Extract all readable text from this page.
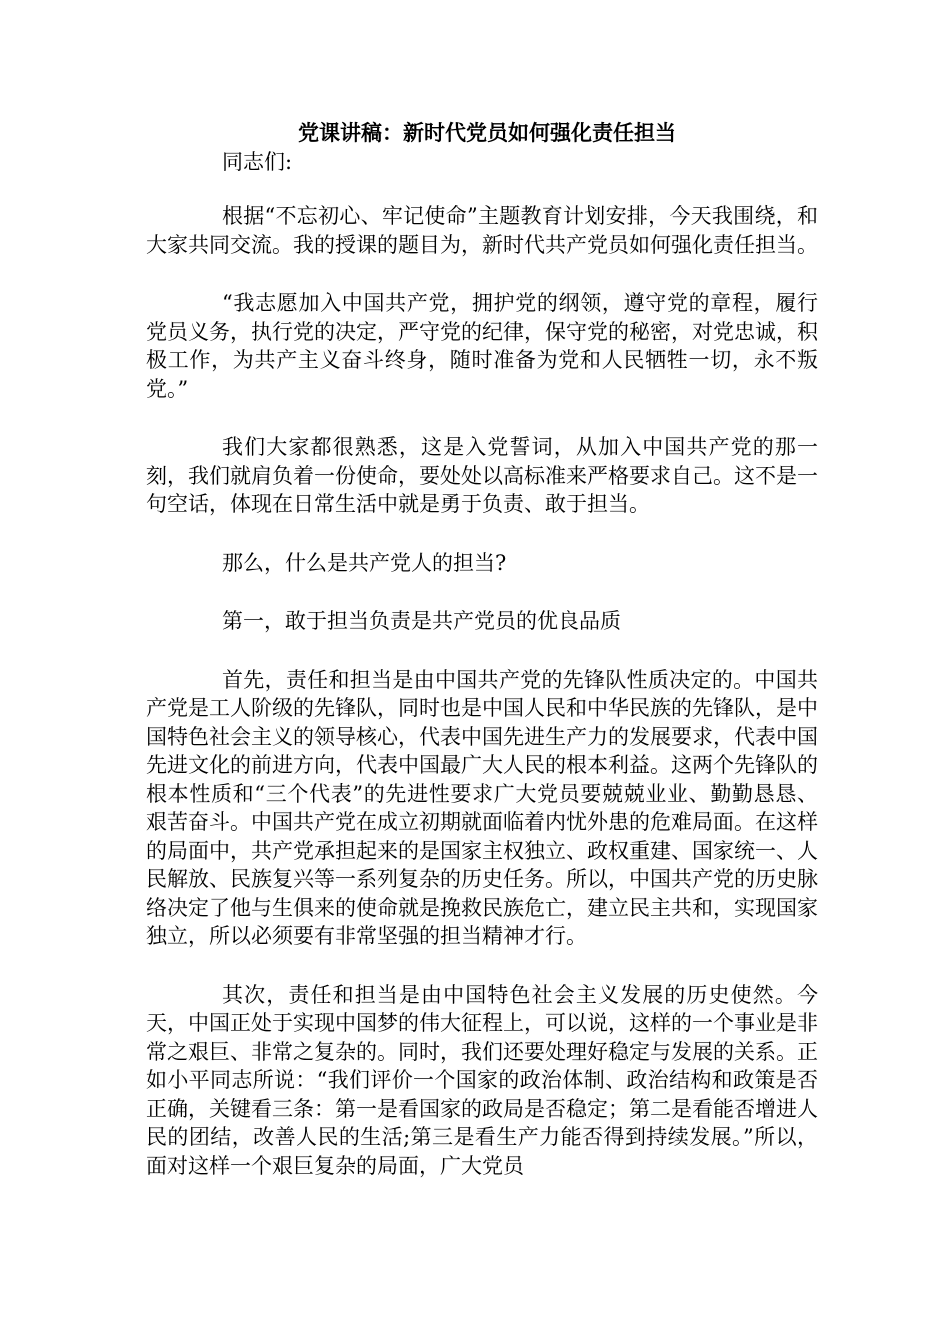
党课讲稿：新时代党员如何强化责任担当

同志们:

根据“不忘初心、牢记使命”主题教育计划安排，今天我围绕，和大家共同交流。我的授课的题目为，新时代共产党员如何强化责任担当。

“我志愿加入中国共产党，拥护党的纲领，遵守党的章程，履行党员义务，执行党的决定，严守党的纪律，保守党的秘密，对党忠诚，积极工作，为共产主义奋斗终身，随时准备为党和人民牺牲一切，永不叛党。”

我们大家都很熟悉，这是入党誓词，从加入中国共产党的那一刻，我们就肩负着一份使命，要处处以高标准来严格要求自己。这不是一句空话，体现在日常生活中就是勇于负责、敢于担当。

那么，什么是共产党人的担当?

第一，敢于担当负责是共产党员的优良品质

首先，责任和担当是由中国共产党的先锋队性质决定的。中国共产党是工人阶级的先锋队，同时也是中国人民和中华民族的先锋队，是中国特色社会主义的领导核心，代表中国先进生产力的发展要求，代表中国先进文化的前进方向，代表中国最广大人民的根本利益。这两个先锋队的根本性质和“三个代表”的先进性要求广大党员要兢兢业业、勤勤恳恳、艰苦奋斗。中国共产党在成立初期就面临着内忧外患的危难局面。在这样的局面中，共产党承担起来的是国家主权独立、政权重建、国家统一、人民解放、民族复兴等一系列复杂的历史任务。所以，中国共产党的历史脉络决定了他与生俱来的使命就是挽救民族危亡，建立民主共和，实现国家独立，所以必须要有非常坚强的担当精神才行。

其次，责任和担当是由中国特色社会主义发展的历史使然。今天，中国正处于实现中国梦的伟大征程上，可以说，这样的一个事业是非常之艰巨、非常之复杂的。同时，我们还要处理好稳定与发展的关系。正如小平同志所说：“我们评价一个国家的政治体制、政治结构和政策是否正确，关键看三条：第一是看国家的政局是否稳定；第二是看能否增进人民的团结，改善人民的生活;第三是看生产力能否得到持续发展。”所以，面对这样一个艰巨复杂的局面，广大党员
